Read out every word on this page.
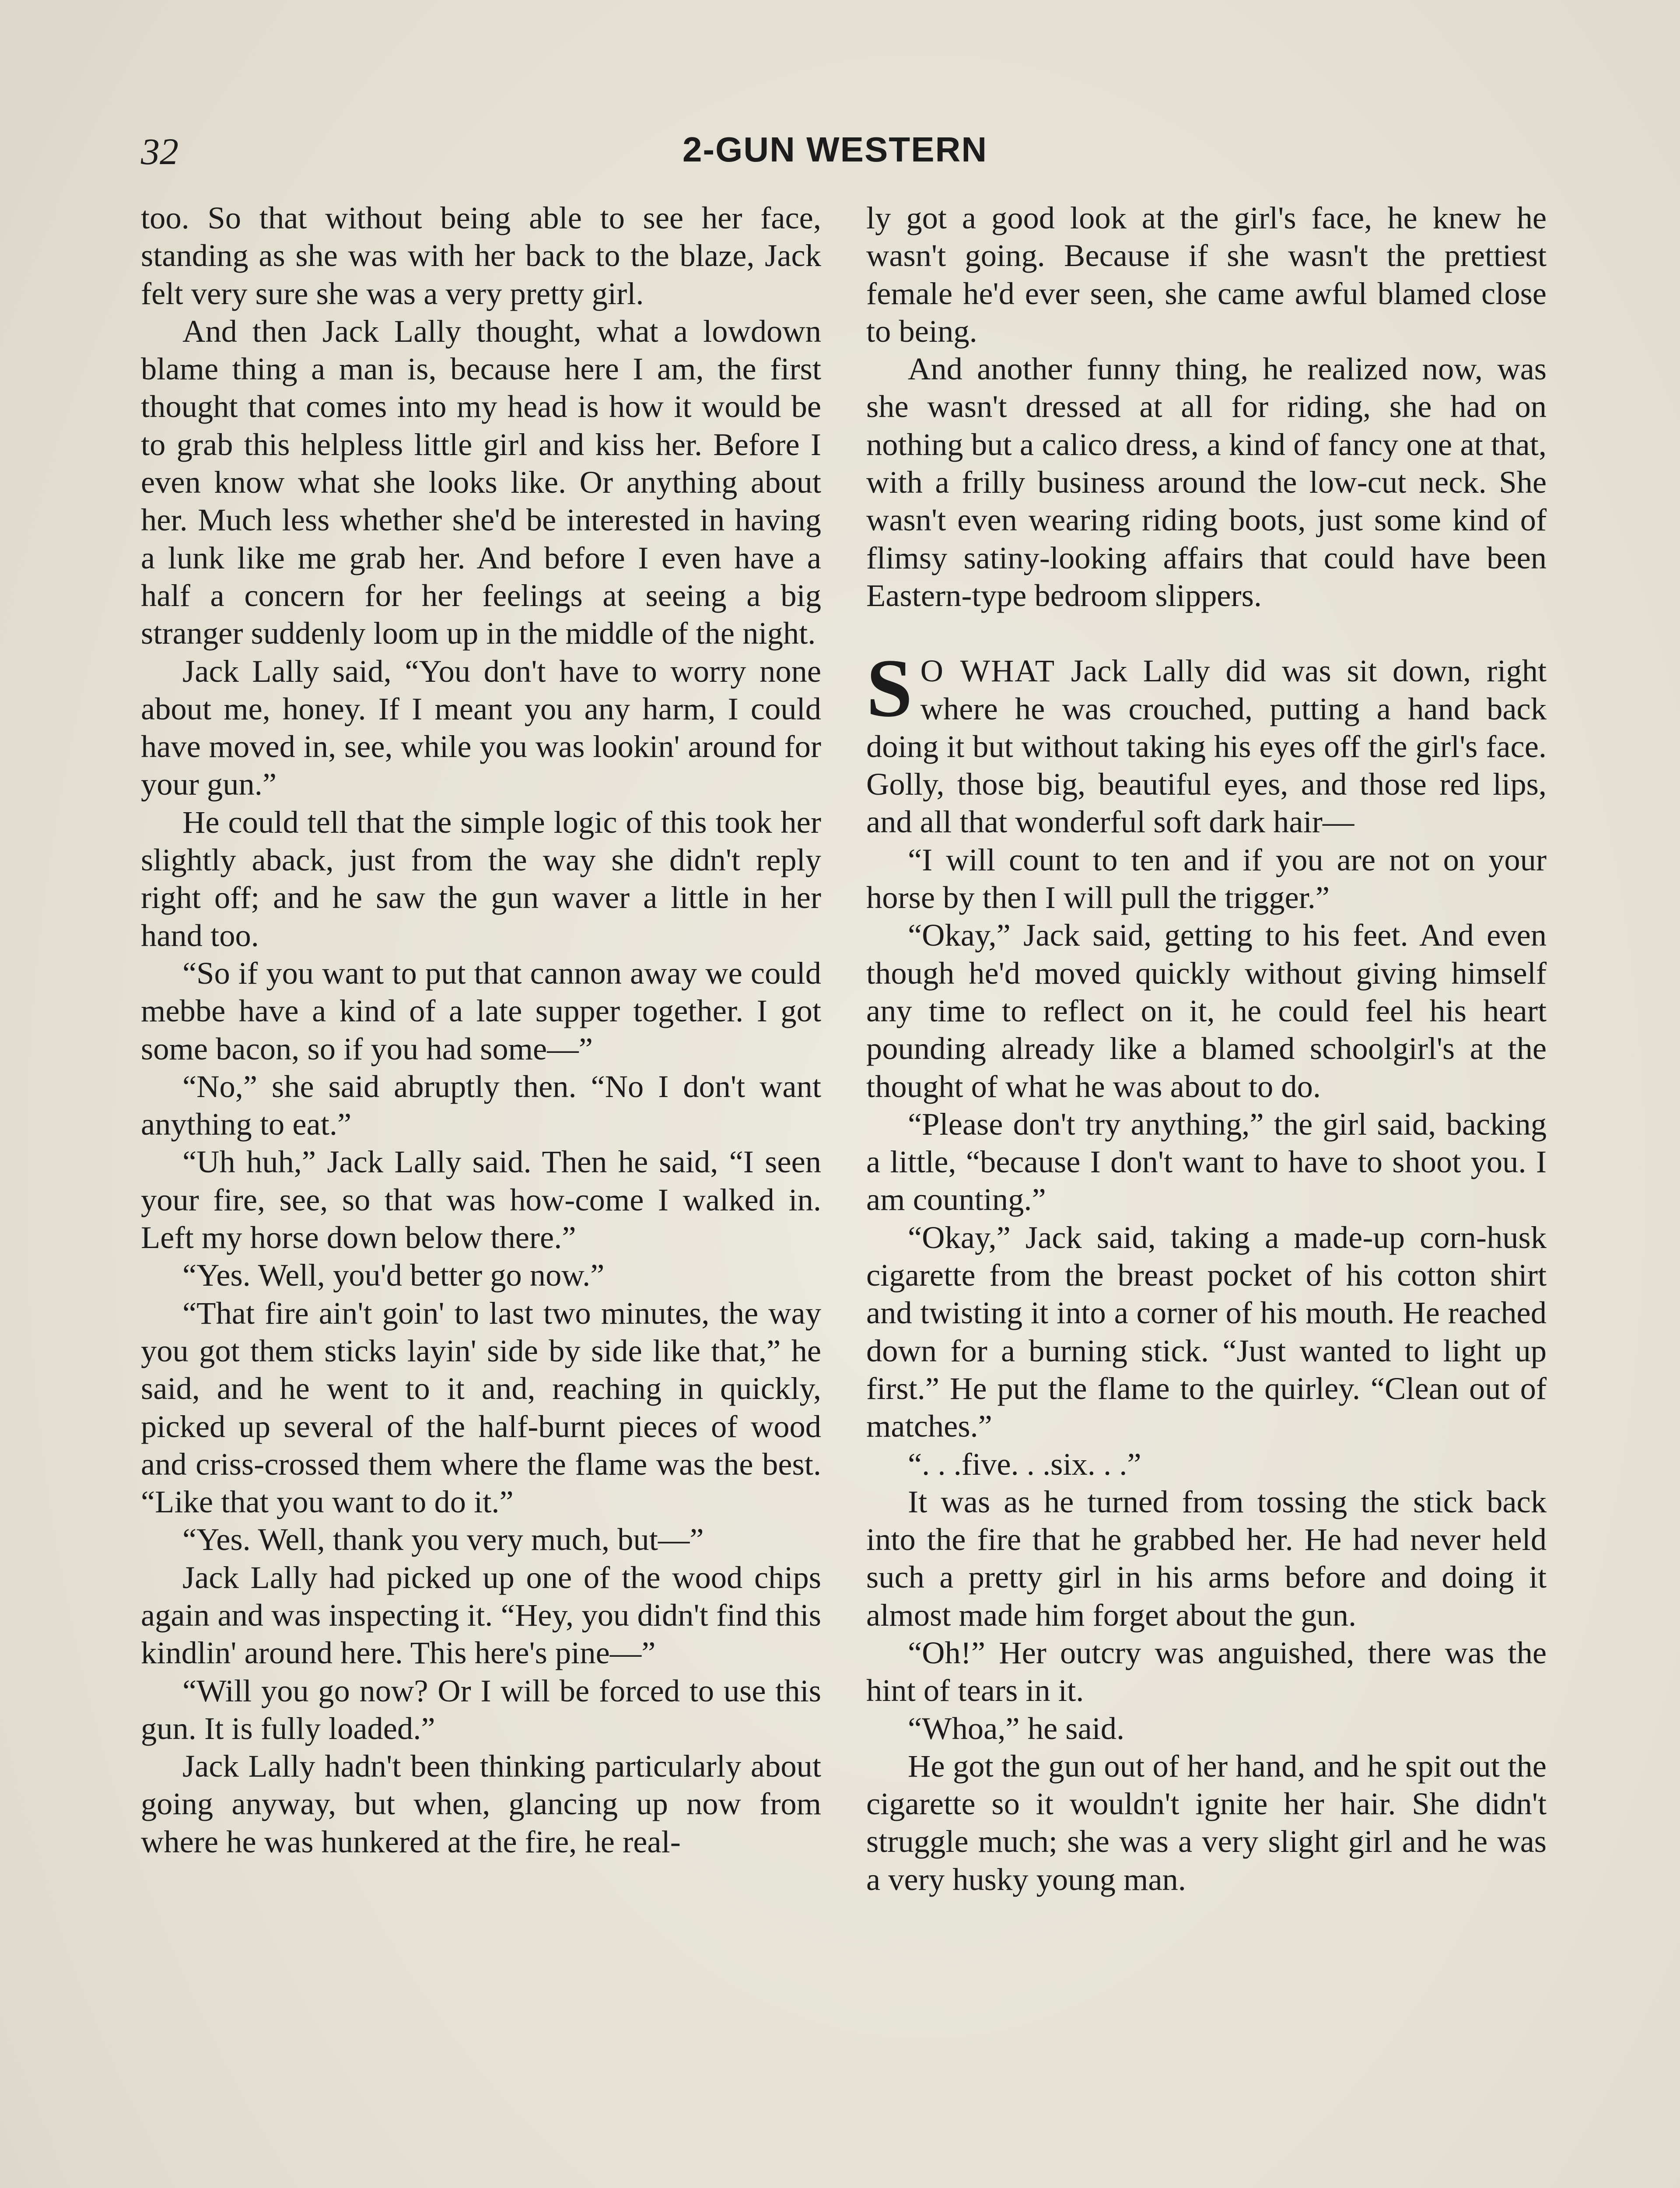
32	2-GUN WESTERN

too. So that without being able to see her face, standing as she was with her back to the blaze, Jack felt very sure she was a very pretty girl.

And then Jack Lally thought, what a lowdown blame thing a man is, because here I am, the first thought that comes into my head is how it would be to grab this helpless little girl and kiss her. Before I even know what she looks like. Or anything about her. Much less whether she'd be interested in having a lunk like me grab her. And before I even have a half a concern for her feelings at seeing a big stranger suddenly loom up in the middle of the night.

Jack Lally said, “You don't have to worry none about me, honey. If I meant you any harm, I could have moved in, see, while you was lookin' around for your gun.”

He could tell that the simple logic of this took her slightly aback, just from the way she didn't reply right off; and he saw the gun waver a little in her hand too.

“So if you want to put that cannon away we could mebbe have a kind of a late supper together. I got some bacon, so if you had some—”

“No,” she said abruptly then. “No I don't want anything to eat.”

“Uh huh,” Jack Lally said. Then he said, “I seen your fire, see, so that was how-come I walked in. Left my horse down below there.”

“Yes. Well, you'd better go now.”

“That fire ain't goin' to last two minutes, the way you got them sticks layin' side by side like that,” he said, and he went to it and, reaching in quickly, picked up several of the half-burnt pieces of wood and criss-crossed them where the flame was the best. “Like that you want to do it.”

“Yes. Well, thank you very much, but—”

Jack Lally had picked up one of the wood chips again and was inspecting it. “Hey, you didn't find this kindlin' around here. This here's pine—”

“Will you go now? Or I will be forced to use this gun. It is fully loaded.”

Jack Lally hadn't been thinking particularly about going anyway, but when, glancing up now from where he was hunkered at the fire, he real-

ly got a good look at the girl's face, he knew he wasn't going. Because if she wasn't the prettiest female he'd ever seen, she came awful blamed close to being.

And another funny thing, he realized now, was she wasn't dressed at all for riding, she had on nothing but a calico dress, a kind of fancy one at that, with a frilly business around the low-cut neck. She wasn't even wearing riding boots, just some kind of flimsy satiny-looking affairs that could have been Eastern-type bedroom slippers.

S O WHAT Jack Lally did was sit down, right where he was crouched, putting a hand back doing it but without taking his eyes off the girl's face. Golly, those big, beautiful eyes, and those red lips, and all that wonderful soft dark hair—

“I will count to ten and if you are not on your horse by then I will pull the trigger.”

“Okay,” Jack said, getting to his feet. And even though he'd moved quickly without giving himself any time to reflect on it, he could feel his heart pounding already like a blamed schoolgirl's at the thought of what he was about to do.

“Please don't try anything,” the girl said, backing a little, “because I don't want to have to shoot you. I am counting.”

“Okay,” Jack said, taking a made-up corn-husk cigarette from the breast pocket of his cotton shirt and twisting it into a corner of his mouth. He reached down for a burning stick. “Just wanted to light up first.” He put the flame to the quirley. “Clean out of matches.”

“. . .five. . .six. . .”

It was as he turned from tossing the stick back into the fire that he grabbed her. He had never held such a pretty girl in his arms before and doing it almost made him forget about the gun.

“Oh!” Her outcry was anguished, there was the hint of tears in it.

“Whoa,” he said.

He got the gun out of her hand, and he spit out the cigarette so it wouldn't ignite her hair. She didn't struggle much; she was a very slight girl and he was a very husky young man.
